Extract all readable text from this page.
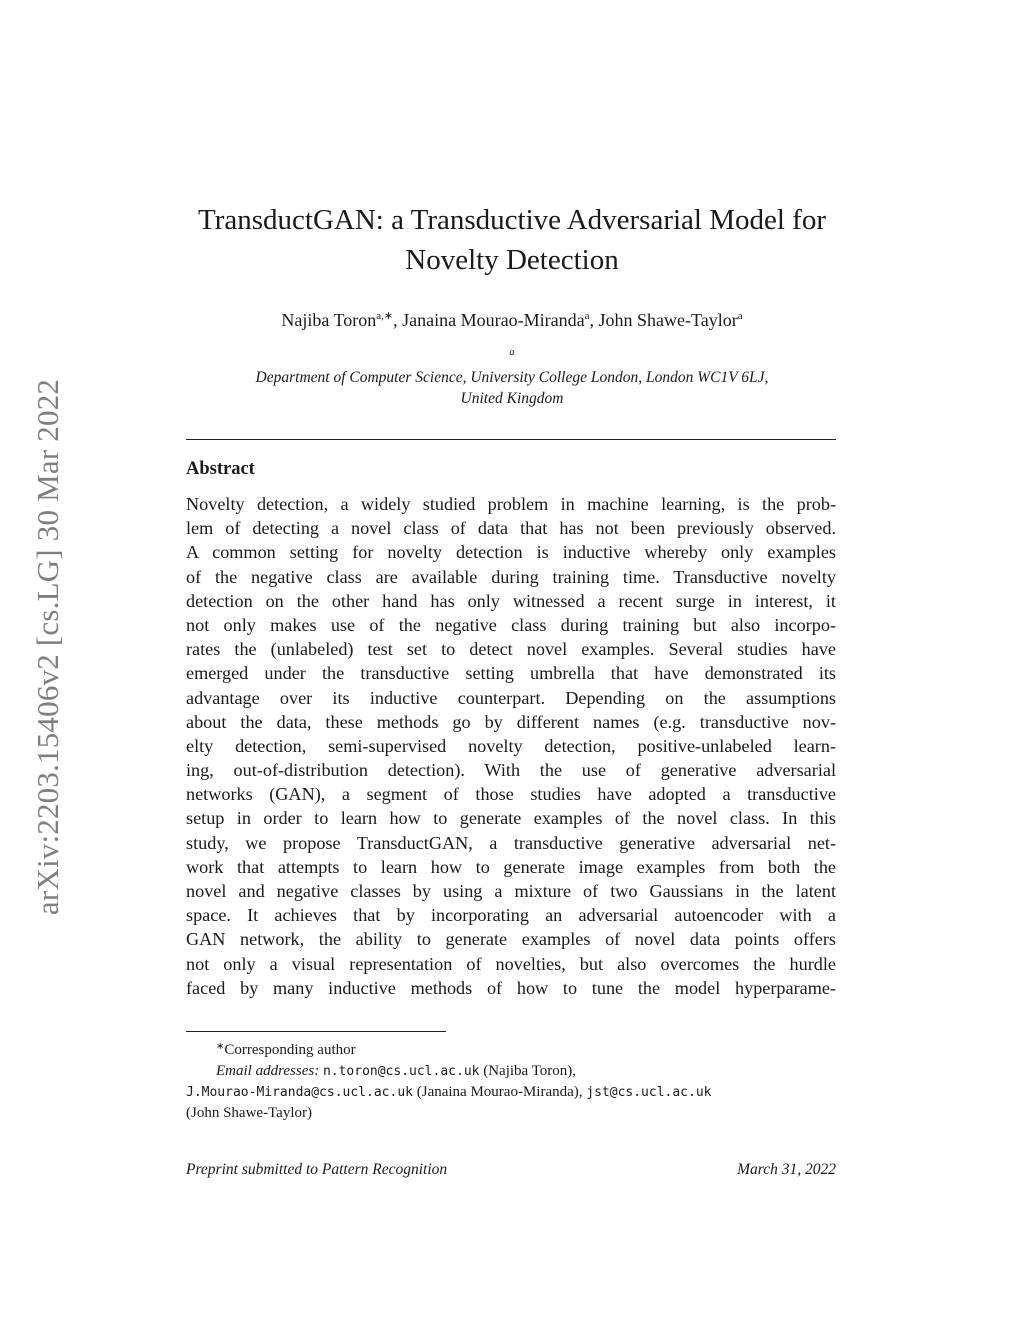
arXiv:2203.15406v2 [cs.LG] 30 Mar 2022
TransductGAN: a Transductive Adversarial Model for
Novelty Detection
Najiba Toron$^{a,∗}$, Janaina Mourao-Miranda$^a$, John Shawe-Taylor$^a$
$^a$
Department of Computer Science, University College London, London WC1V 6LJ,
United Kingdom
Abstract
Novelty detection, a widely studied problem in machine learning, is the prob-
lem of detecting a novel class of data that has not been previously observed.
A common setting for novelty detection is inductive whereby only examples
of the negative class are available during training time. Transductive novelty
detection on the other hand has only witnessed a recent surge in interest, it
not only makes use of the negative class during training but also incorpo-
rates the (unlabeled) test set to detect novel examples. Several studies have
emerged under the transductive setting umbrella that have demonstrated its
advantage over its inductive counterpart. Depending on the assumptions
about the data, these methods go by different names (e.g. transductive nov-
elty detection, semi-supervised novelty detection, positive-unlabeled learn-
ing, out-of-distribution detection). With the use of generative adversarial
networks (GAN), a segment of those studies have adopted a transductive
setup in order to learn how to generate examples of the novel class. In this
study, we propose TransductGAN, a transductive generative adversarial net-
work that attempts to learn how to generate image examples from both the
novel and negative classes by using a mixture of two Gaussians in the latent
space. It achieves that by incorporating an adversarial autoencoder with a
GAN network, the ability to generate examples of novel data points offers
not only a visual representation of novelties, but also overcomes the hurdle
faced by many inductive methods of how to tune the model hyperparame-
∗Corresponding author
Email addresses: n.toron@cs.ucl.ac.uk (Najiba Toron),
J.Mourao-Miranda@cs.ucl.ac.uk (Janaina Mourao-Miranda), jst@cs.ucl.ac.uk
(John Shawe-Taylor)
Preprint submitted to Pattern Recognition	March 31, 2022
